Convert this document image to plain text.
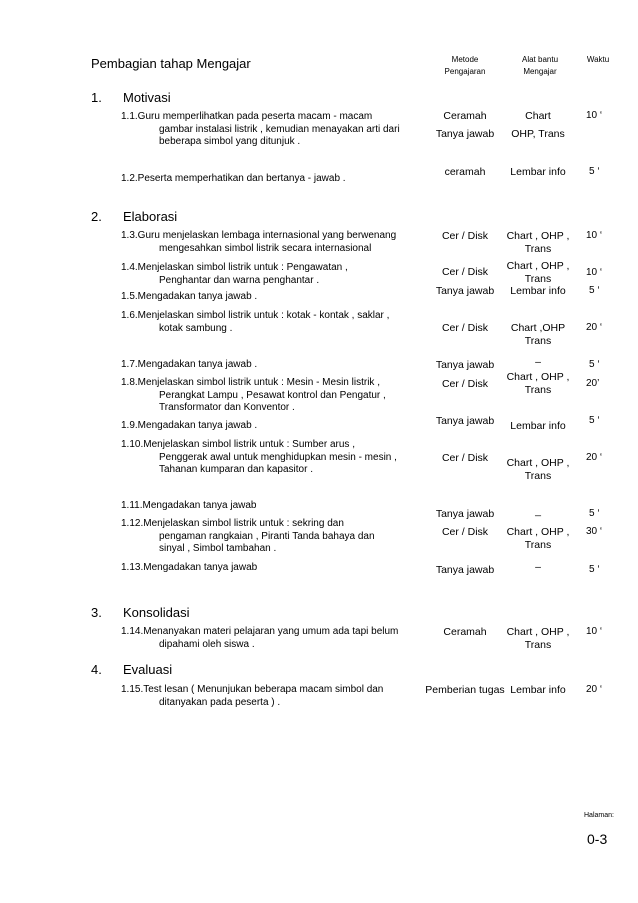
Pembagian tahap Mengajar	Metode
Pengajaran
Alat bantu
Mengajar
Waktu
1. Motivasi
2. Elaborasi
3. Konsolidasi
4. Evaluasi
1.1.Guru memperlihatkan pada peserta macam - macam
gambar instalasi listrik , kemudian menayakan arti dari
beberapa simbol yang ditunjuk .
1.2.Peserta memperhatikan dan bertanya - jawab .
1.3.Guru menjelaskan lembaga internasional yang berwenang
mengesahkan simbol listrik secara internasional
1.4.Menjelaskan simbol listrik untuk : Pengawatan ,
Penghantar dan warna penghantar .
1.5.Mengadakan tanya jawab .
1.6.Menjelaskan simbol listrik untuk : kotak - kontak , saklar ,
kotak sambung .
1.7.Mengadakan tanya jawab .
1.8.Menjelaskan simbol listrik untuk : Mesin - Mesin listrik ,
Perangkat Lampu , Pesawat kontrol dan Pengatur ,
Transformator dan Konventor .
1.9.Mengadakan tanya jawab .
1.10.Menjelaskan simbol listrik untuk : Sumber arus ,
Penggerak awal untuk menghidupkan mesin - mesin ,
Tahanan kumparan dan kapasitor .
1.11.Mengadakan tanya jawab
1.12.Menjelaskan simbol listrik untuk : sekring dan
pengaman rangkaian , Piranti Tanda bahaya dan
sinyal , Simbol tambahan .
1.13.Mengadakan tanya jawab
1.14.Menanyakan materi pelajaran yang umum ada tapi belum
dipahami oleh siswa .
1.15.Test lesan ( Menunjukan beberapa macam simbol dan
ditanyakan pada peserta ) .
Ceramah
Tanya jawab
ceramah
Cer / Disk
Cer / Disk
Tanya jawab
Cer / Disk
Tanya jawab
Cer / Disk
Tanya jawab
Cer / Disk
Tanya jawab
Cer / Disk
Tanya jawab
Ceramah
Pemberian tugas
Chart
OHP, Trans
Lembar info
Chart , OHP , Trans
Chart , OHP , Trans
Lembar info
Chart ,OHP Trans
–
Chart , OHP , Trans
Lembar info
Chart , OHP , Trans
_
Chart , OHP , Trans
–
Chart , OHP , Trans
Lembar info
10 ‘
5 ‘
10 ‘
10 ‘
5 ‘
20 ‘
5 ‘
20’
5 ‘
20 ‘
5 ‘
30 ‘
5 ‘
10 ‘
20 ‘
Halaman:
0-3
